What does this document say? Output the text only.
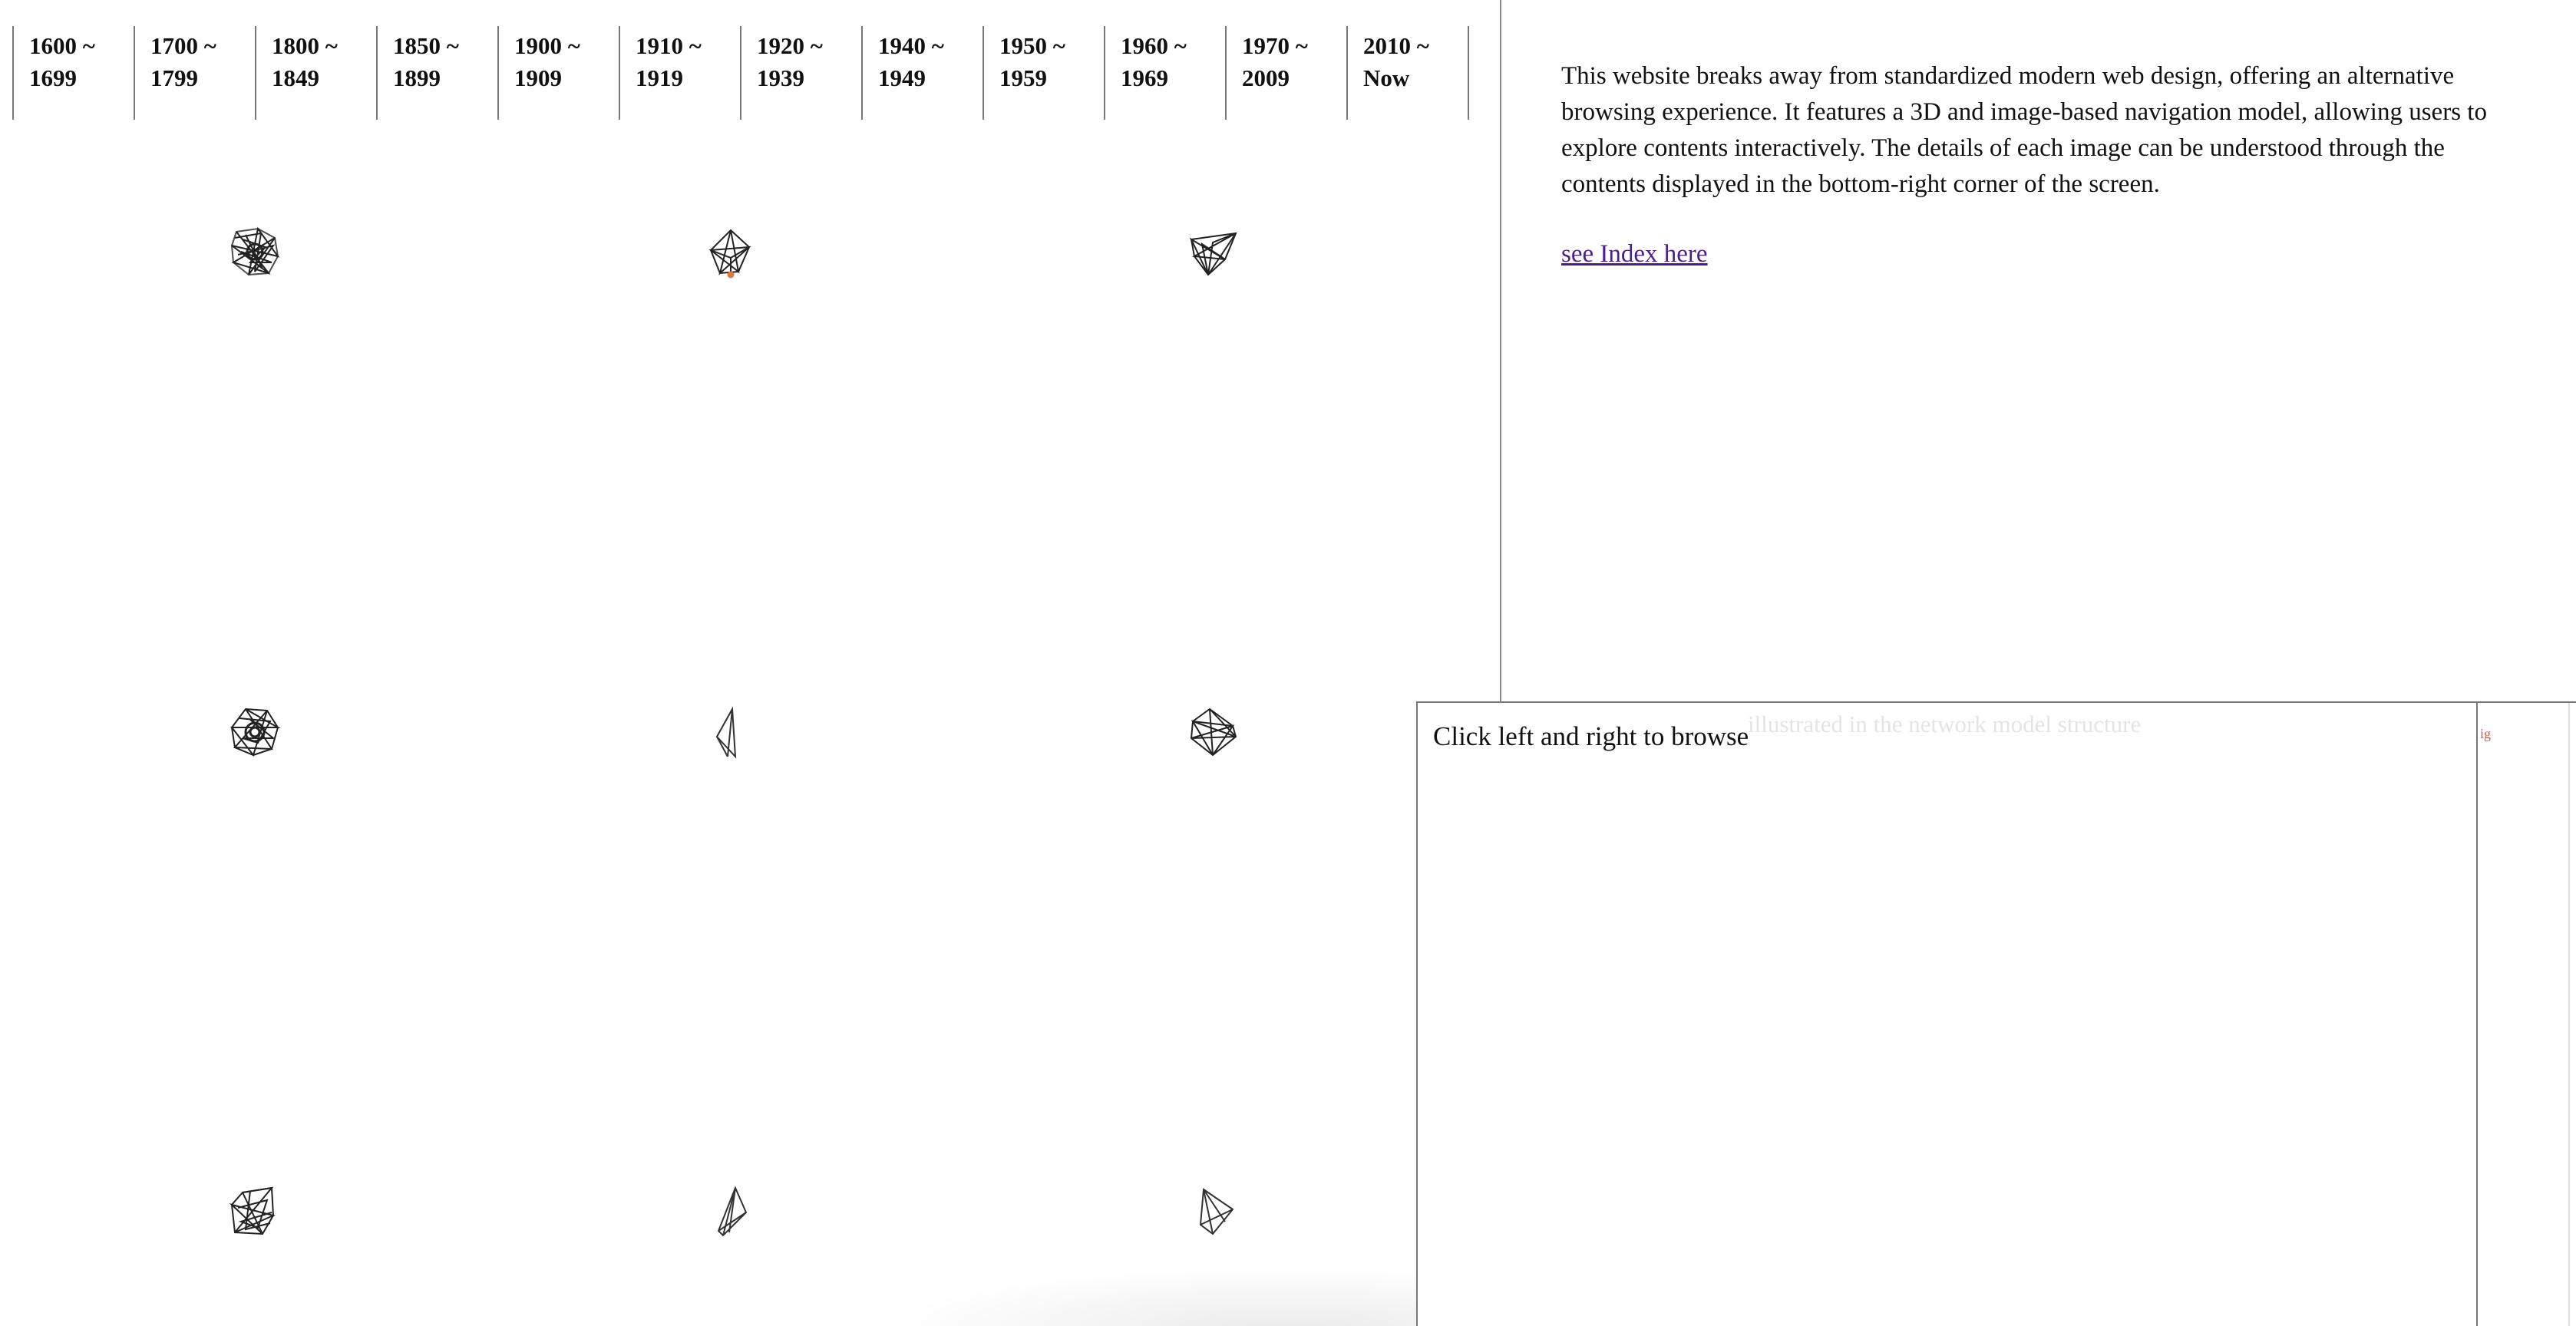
1600 ~
1699
1700 ~
1799
1800 ~
1849
1850 ~
1899
1900 ~
1909
1910 ~
1919
1920 ~
1939
1940 ~
1949
1950 ~
1959
1960 ~
1969
1970 ~
2009
2010 ~
Now	This website breaks away from standardized modern web design, offering an alternative browsing experience. It features a 3D and image-based navigation model, allowing users to explore contents interactively. The details of each image can be understood through the contents displayed in the bottom-right corner of the screen.

see Index here
illustrated in the network model structure
Click left and right to browse	ig
